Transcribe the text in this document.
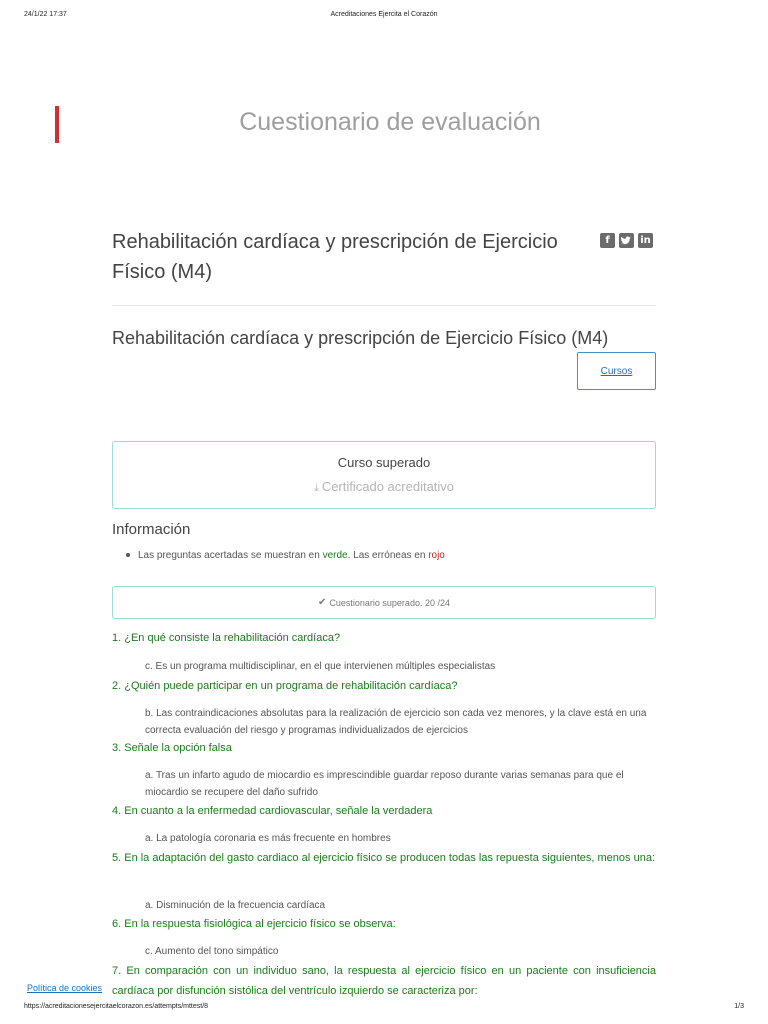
24/1/22 17:37	Acreditaciones Ejercita el Corazón
Cuestionario de evaluación
Rehabilitación cardíaca y prescripción de Ejercicio
Físico (M4)
f	in
Rehabilitación cardíaca y prescripción de Ejercicio Físico (M4)
Cursos
Curso superado
⤓ Certificado acreditativo
Información
Las preguntas acertadas se muestran en verde. Las erróneas en rojo
✔ Cuestionario superado. 20 /24
1. ¿En qué consiste la rehabilitación cardíaca?
c. Es un programa multidisciplinar, en el que intervienen múltiples especialistas
2. ¿Quién puede participar en un programa de rehabilitación cardíaca?
b. Las contraindicaciones absolutas para la realización de ejercicio son cada vez menores, y la clave está en una correcta evaluación del riesgo y programas individualizados de ejercicios
3. Señale la opción falsa
a. Tras un infarto agudo de miocardio es imprescindible guardar reposo durante varias semanas para que el miocardio se recupere del daño sufrido
4. En cuanto a la enfermedad cardiovascular, señale la verdadera
a. La patología coronaria es más frecuente en hombres
5. En la adaptación del gasto cardiaco al ejercicio físico se producen todas las repuesta siguientes, menos una:
a. Disminución de la frecuencia cardíaca
6. En la respuesta fisiológica al ejercicio físico se observa:
c. Aumento del tono simpático
7. En comparación con un individuo sano, la respuesta al ejercicio físico en un paciente con insuficiencia cardíaca por disfunción sistólica del ventrículo izquierdo se caracteriza por:
Política de cookies
https://acreditacionesejercitaelcorazon.es/attempts/mttest/8	1/3
